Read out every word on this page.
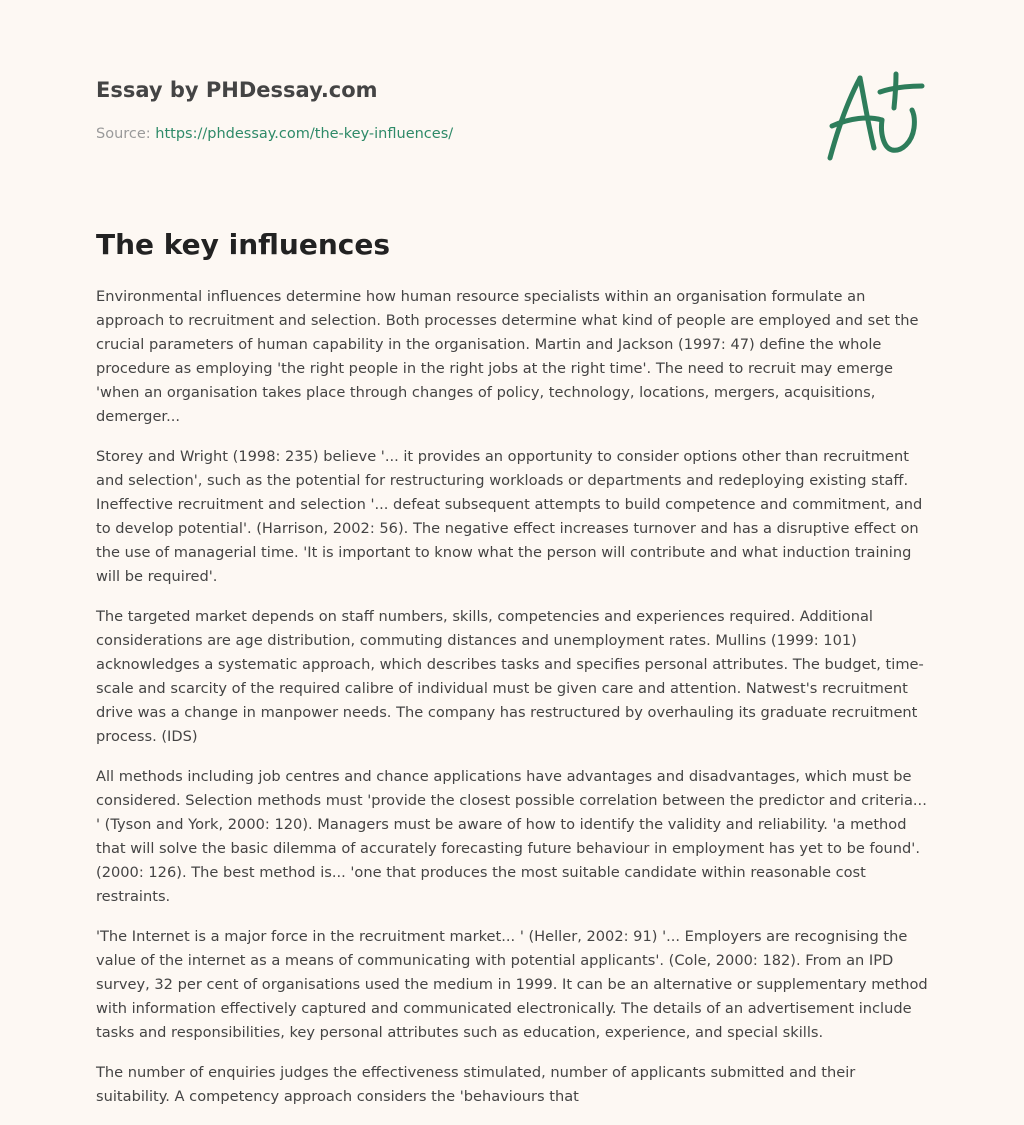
Essay by PHDessay.com
Source: https://phdessay.com/the-key-influences/
The key influences

Environmental influences determine how human resource specialists within an organisation formulate an approach to recruitment and selection. Both processes determine what kind of people are employed and set the crucial parameters of human capability in the organisation. Martin and Jackson (1997: 47) define the whole procedure as employing 'the right people in the right jobs at the right time'. The need to recruit may emerge 'when an organisation takes place through changes of policy, technology, locations, mergers, acquisitions, demerger...

Storey and Wright (1998: 235) believe '... it provides an opportunity to consider options other than recruitment and selection', such as the potential for restructuring workloads or departments and redeploying existing staff. Ineffective recruitment and selection '... defeat subsequent attempts to build competence and commitment, and to develop potential'. (Harrison, 2002: 56). The negative effect increases turnover and has a disruptive effect on the use of managerial time. 'It is important to know what the person will contribute and what induction training will be required'.

The targeted market depends on staff numbers, skills, competencies and experiences required. Additional considerations are age distribution, commuting distances and unemployment rates. Mullins (1999: 101) acknowledges a systematic approach, which describes tasks and specifies personal attributes. The budget, time-scale and scarcity of the required calibre of individual must be given care and attention. Natwest's recruitment drive was a change in manpower needs. The company has restructured by overhauling its graduate recruitment process. (IDS)

All methods including job centres and chance applications have advantages and disadvantages, which must be considered. Selection methods must 'provide the closest possible correlation between the predictor and criteria... ' (Tyson and York, 2000: 120). Managers must be aware of how to identify the validity and reliability. 'a method that will solve the basic dilemma of accurately forecasting future behaviour in employment has yet to be found'. (2000: 126). The best method is... 'one that produces the most suitable candidate within reasonable cost restraints.

'The Internet is a major force in the recruitment market... ' (Heller, 2002: 91) '... Employers are recognising the value of the internet as a means of communicating with potential applicants'. (Cole, 2000: 182). From an IPD survey, 32 per cent of organisations used the medium in 1999. It can be an alternative or supplementary method with information effectively captured and communicated electronically. The details of an advertisement include tasks and responsibilities, key personal attributes such as education, experience, and special skills.

The number of enquiries judges the effectiveness stimulated, number of applicants submitted and their suitability. A competency approach considers the 'behaviours that
